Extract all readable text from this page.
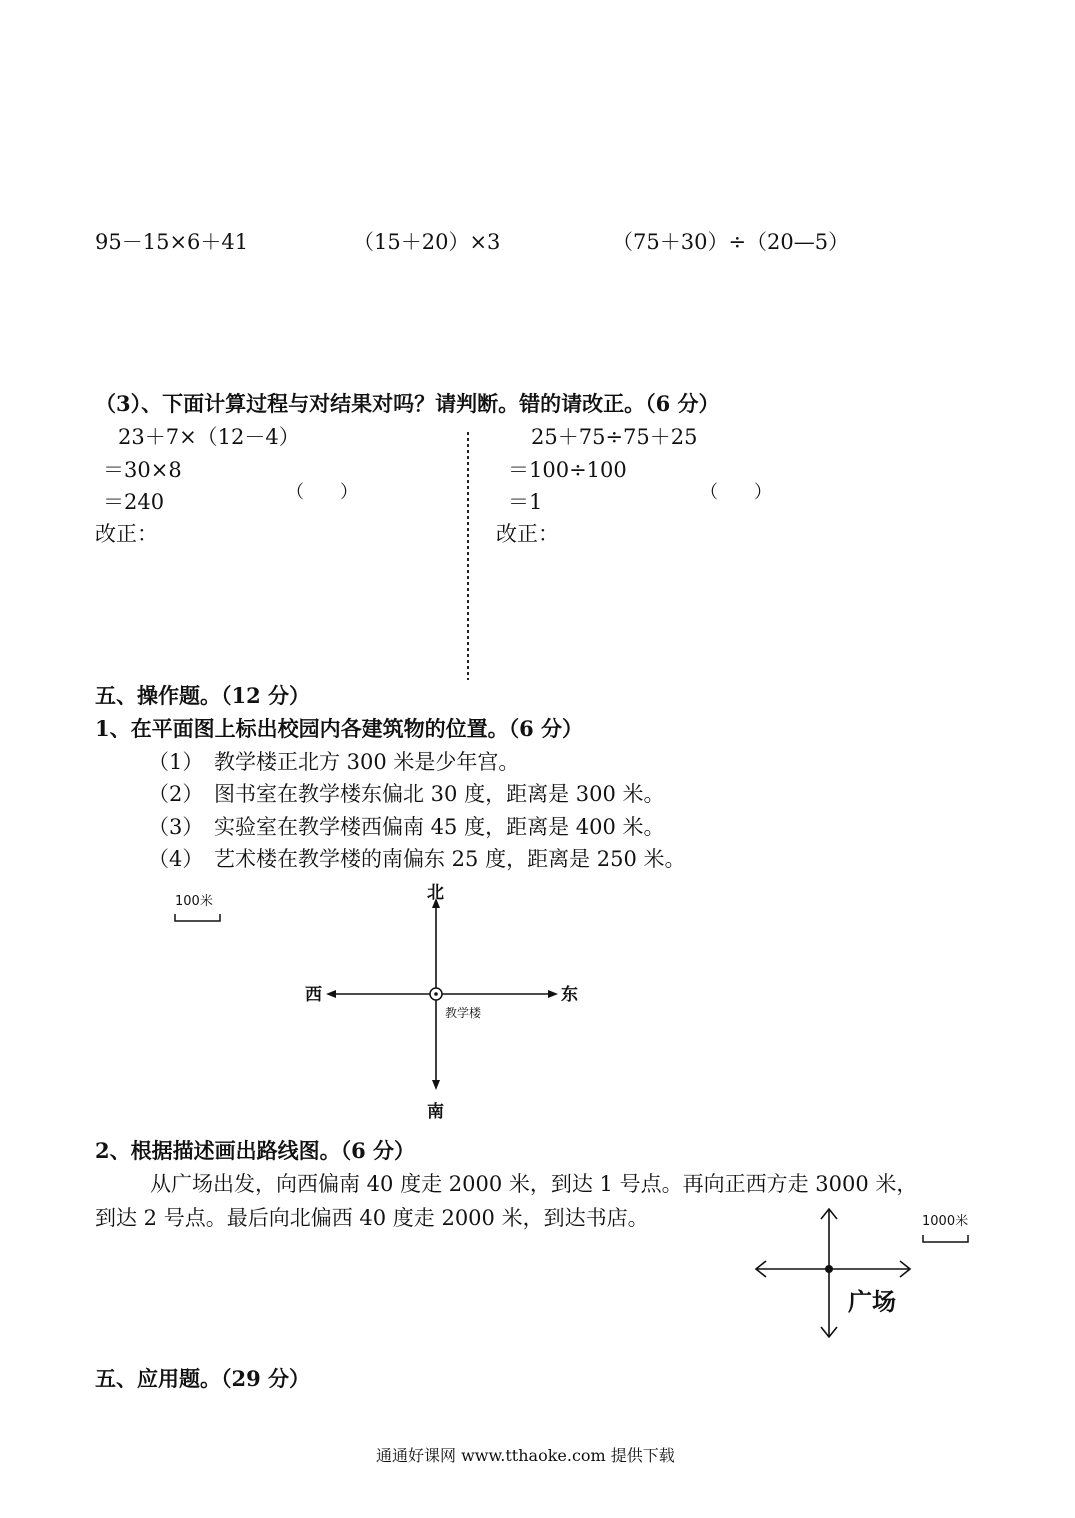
95－15×6＋41	（15＋20）×3	（75＋30）÷（20—5）
（3）、下面计算过程与对结果对吗？请判断。错的请改正。（6 分）
23＋7×（12－4）
＝30×8
＝240	（　　）
改正：
25＋75÷75＋25
＝100÷100
＝1	（　　）
改正：
五、操作题。（12 分）
1、在平面图上标出校园内各建筑物的位置。（6 分）
（1） 教学楼正北方 300 米是少年宫。
（2） 图书室在教学楼东偏北 30 度，距离是 300 米。
（3） 实验室在教学楼西偏南 45 度，距离是 400 米。
（4） 艺术楼在教学楼的南偏东 25 度，距离是 250 米。
100米	北
南
西	东
教学楼
2、根据描述画出路线图。（6 分）
从广场出发，向西偏南 40 度走 2000 米，到达 1 号点。再向正西方走 3000 米，
到达 2 号点。最后向北偏西 40 度走 2000 米，到达书店。	1000米
广场
五、应用题。（29 分）
通通好课网 www.tthaoke.com 提供下载
